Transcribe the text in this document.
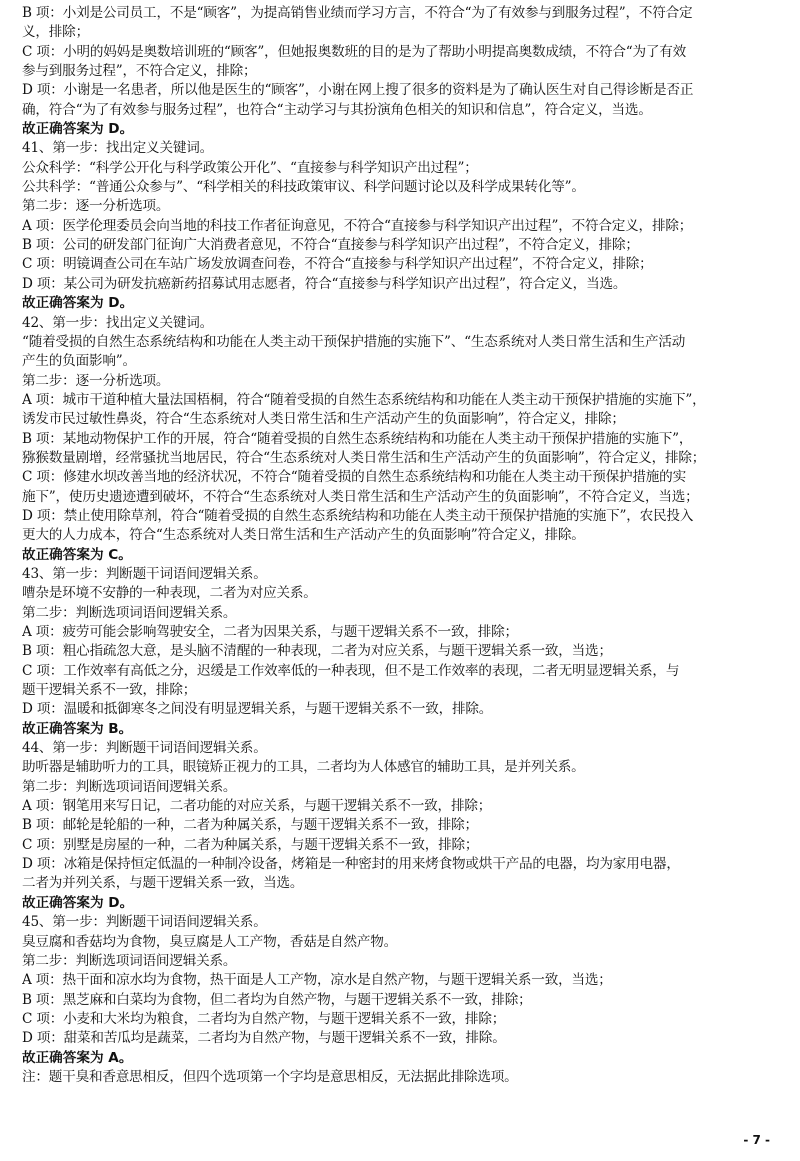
B 项：小刘是公司员工，不是“顾客”，为提高销售业绩而学习方言，不符合“为了有效参与到服务过程”，不符合定
义，排除；
C 项：小明的妈妈是奥数培训班的“顾客”，但她报奥数班的目的是为了帮助小明提高奥数成绩，不符合“为了有效
参与到服务过程”，不符合定义，排除；
D 项：小谢是一名患者，所以他是医生的“顾客”，小谢在网上搜了很多的资料是为了确认医生对自己得诊断是否正
确，符合“为了有效参与服务过程”，也符合“主动学习与其扮演角色相关的知识和信息”，符合定义，当选。
故正确答案为 D。
41、第一步：找出定义关键词。
公众科学：“科学公开化与科学政策公开化”、“直接参与科学知识产出过程”；
公共科学：“普通公众参与”、“科学相关的科技政策审议、科学问题讨论以及科学成果转化等”。
第二步：逐一分析选项。
A 项：医学伦理委员会向当地的科技工作者征询意见，不符合“直接参与科学知识产出过程”，不符合定义，排除；
B 项：公司的研发部门征询广大消费者意见，不符合“直接参与科学知识产出过程”，不符合定义，排除；
C 项：明镜调查公司在车站广场发放调查问卷，不符合“直接参与科学知识产出过程”，不符合定义，排除；
D 项：某公司为研发抗癌新药招募试用志愿者，符合“直接参与科学知识产出过程”，符合定义，当选。
故正确答案为 D。
42、第一步：找出定义关键词。
“随着受损的自然生态系统结构和功能在人类主动干预保护措施的实施下”、“生态系统对人类日常生活和生产活动
产生的负面影响”。
第二步：逐一分析选项。
A 项：城市干道种植大量法国梧桐，符合“随着受损的自然生态系统结构和功能在人类主动干预保护措施的实施下”，
诱发市民过敏性鼻炎，符合“生态系统对人类日常生活和生产活动产生的负面影响”，符合定义，排除；
B 项：某地动物保护工作的开展，符合“随着受损的自然生态系统结构和功能在人类主动干预保护措施的实施下”，
猕猴数量剧增，经常骚扰当地居民，符合“生态系统对人类日常生活和生产活动产生的负面影响”，符合定义，排除；
C 项：修建水坝改善当地的经济状况，不符合“随着受损的自然生态系统结构和功能在人类主动干预保护措施的实
施下”，使历史遗迹遭到破坏，不符合“生态系统对人类日常生活和生产活动产生的负面影响”，不符合定义，当选；
D 项：禁止使用除草剂，符合“随着受损的自然生态系统结构和功能在人类主动干预保护措施的实施下”，农民投入
更大的人力成本，符合“生态系统对人类日常生活和生产活动产生的负面影响”符合定义，排除。
故正确答案为 C。
43、第一步：判断题干词语间逻辑关系。
嘈杂是环境不安静的一种表现，二者为对应关系。
第二步：判断选项词语间逻辑关系。
A 项：疲劳可能会影响驾驶安全，二者为因果关系，与题干逻辑关系不一致，排除；
B 项：粗心指疏忽大意，是头脑不清醒的一种表现，二者为对应关系，与题干逻辑关系一致，当选；
C 项：工作效率有高低之分，迟缓是工作效率低的一种表现，但不是工作效率的表现，二者无明显逻辑关系，与
题干逻辑关系不一致，排除；
D 项：温暖和抵御寒冬之间没有明显逻辑关系，与题干逻辑关系不一致，排除。
故正确答案为 B。
44、第一步：判断题干词语间逻辑关系。
助听器是辅助听力的工具，眼镜矫正视力的工具，二者均为人体感官的辅助工具，是并列关系。
第二步：判断选项词语间逻辑关系。
A 项：钢笔用来写日记，二者功能的对应关系，与题干逻辑关系不一致，排除；
B 项：邮轮是轮船的一种，二者为种属关系，与题干逻辑关系不一致，排除；
C 项：别墅是房屋的一种，二者为种属关系，与题干逻辑关系不一致，排除；
D 项：冰箱是保持恒定低温的一种制冷设备，烤箱是一种密封的用来烤食物或烘干产品的电器，均为家用电器，
二者为并列关系，与题干逻辑关系一致，当选。
故正确答案为 D。
45、第一步：判断题干词语间逻辑关系。
臭豆腐和香菇均为食物，臭豆腐是人工产物，香菇是自然产物。
第二步：判断选项词语间逻辑关系。
A 项：热干面和凉水均为食物，热干面是人工产物，凉水是自然产物，与题干逻辑关系一致，当选；
B 项：黑芝麻和白菜均为食物，但二者均为自然产物，与题干逻辑关系不一致，排除；
C 项：小麦和大米均为粮食，二者均为自然产物，与题干逻辑关系不一致，排除；
D 项：甜菜和苦瓜均是蔬菜，二者均为自然产物，与题干逻辑关系不一致，排除。
故正确答案为 A。
注：题干臭和香意思相反，但四个选项第一个字均是意思相反，无法据此排除选项。
- 7 -
